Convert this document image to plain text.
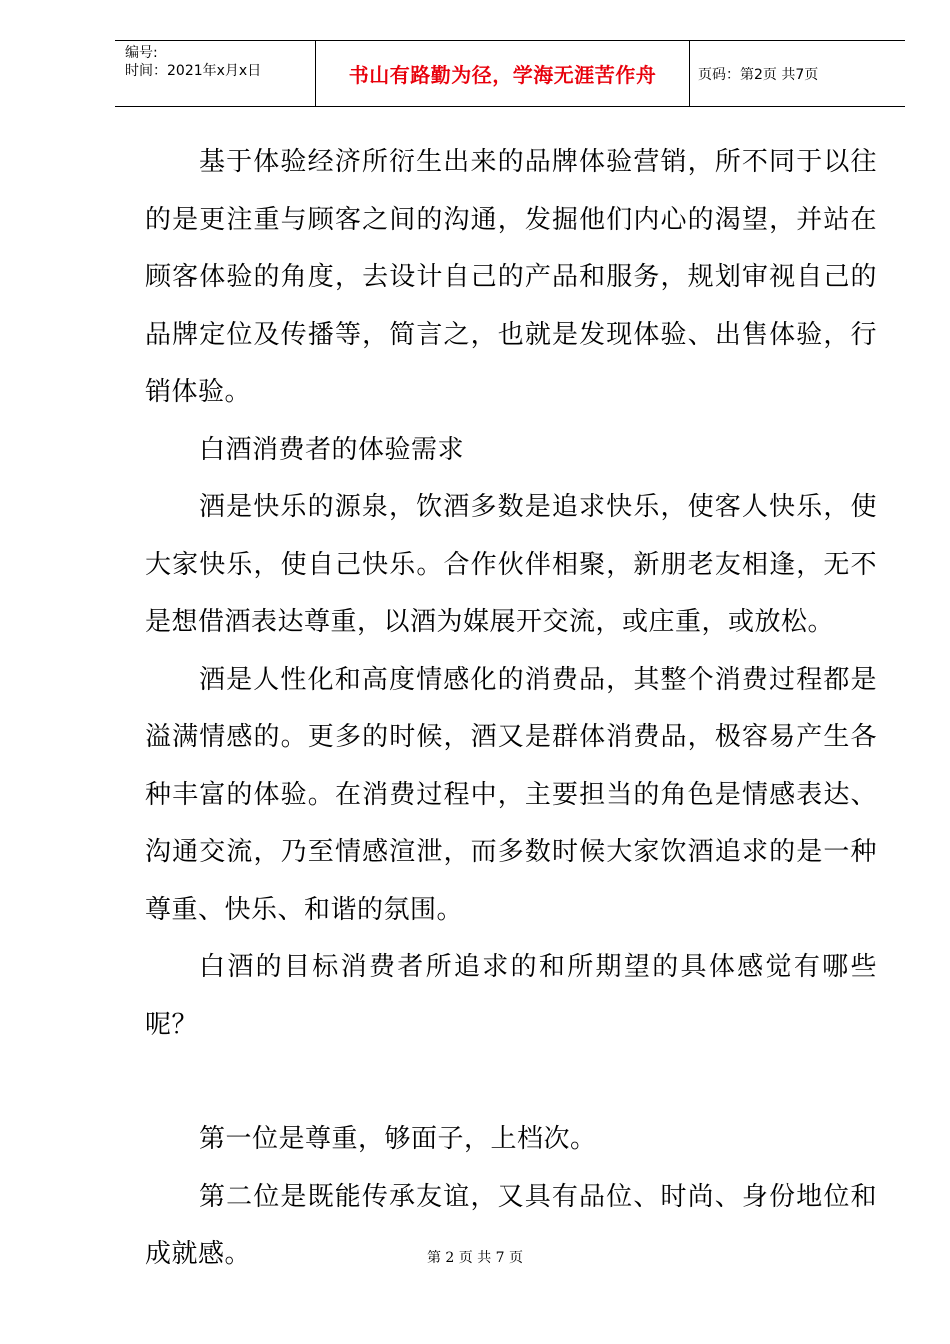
编号:
时间：2021年x月x日	书山有路勤为径，学海无涯苦作舟	页码：第2页 共7页

基于体验经济所衍生出来的品牌体验营销，所不同于以往的是更注重与顾客之间的沟通，发掘他们内心的渴望，并站在顾客体验的角度，去设计自己的产品和服务，规划审视自己的品牌定位及传播等，简言之，也就是发现体验、出售体验，行销体验。

白酒消费者的体验需求

酒是快乐的源泉，饮酒多数是追求快乐，使客人快乐，使大家快乐，使自己快乐。合作伙伴相聚，新朋老友相逢，无不是想借酒表达尊重，以酒为媒展开交流，或庄重，或放松。

酒是人性化和高度情感化的消费品，其整个消费过程都是溢满情感的。更多的时候，酒又是群体消费品，极容易产生各种丰富的体验。在消费过程中，主要担当的角色是情感表达、沟通交流，乃至情感渲泄，而多数时候大家饮酒追求的是一种尊重、快乐、和谐的氛围。

白酒的目标消费者所追求的和所期望的具体感觉有哪些呢？

第一位是尊重，够面子，上档次。

第二位是既能传承友谊，又具有品位、时尚、身份地位和成就感。	第 2 页 共 7 页
